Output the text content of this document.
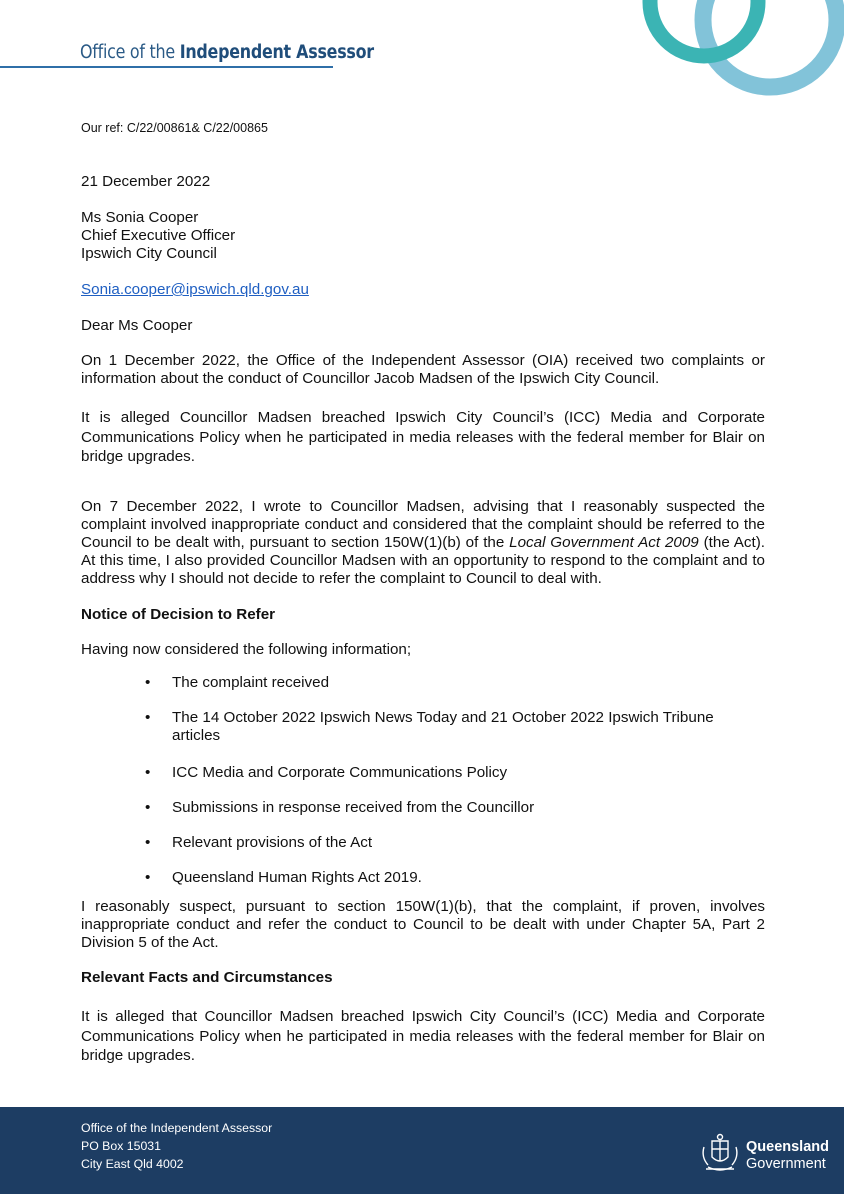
Office of the Independent Assessor
Our ref: C/22/00861& C/22/00865
21 December 2022
Ms Sonia Cooper
Chief Executive Officer
Ipswich City Council
Sonia.cooper@ipswich.qld.gov.au
Dear Ms Cooper
On 1 December 2022, the Office of the Independent Assessor (OIA) received two complaints or information about the conduct of Councillor Jacob Madsen of the Ipswich City Council.
It is alleged Councillor Madsen breached Ipswich City Council’s (ICC) Media and Corporate Communications Policy when he participated in media releases with the federal member for Blair on bridge upgrades.
On 7 December 2022, I wrote to Councillor Madsen, advising that I reasonably suspected the complaint involved inappropriate conduct and considered that the complaint should be referred to the Council to be dealt with, pursuant to section 150W(1)(b) of the Local Government Act 2009 (the Act). At this time, I also provided Councillor Madsen with an opportunity to respond to the complaint and to address why I should not decide to refer the complaint to Council to deal with.
Notice of Decision to Refer
Having now considered the following information;
• The complaint received
• The 14 October 2022 Ipswich News Today and 21 October 2022 Ipswich Tribune articles
• ICC Media and Corporate Communications Policy
• Submissions in response received from the Councillor
• Relevant provisions of the Act
• Queensland Human Rights Act 2019.
I reasonably suspect, pursuant to section 150W(1)(b), that the complaint, if proven, involves inappropriate conduct and refer the conduct to Council to be dealt with under Chapter 5A, Part 2 Division 5 of the Act.
Relevant Facts and Circumstances
It is alleged that Councillor Madsen breached Ipswich City Council’s (ICC) Media and Corporate Communications Policy when he participated in media releases with the federal member for Blair on bridge upgrades.
Office of the Independent Assessor
PO Box 15031
City East Qld 4002
Queensland
Government
